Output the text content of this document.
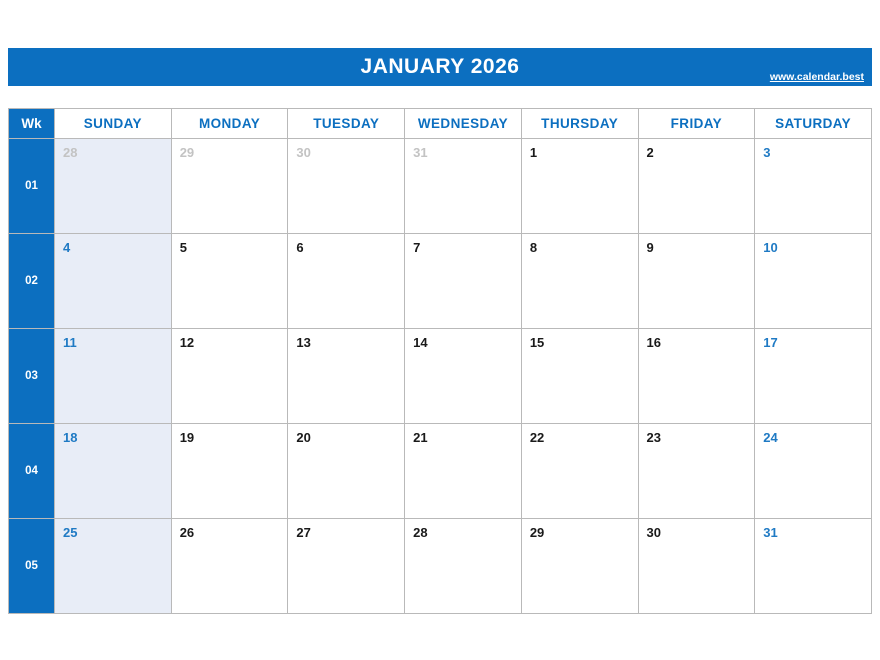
JANUARY 2026	www.calendar.best
Wk	SUNDAY	MONDAY	TUESDAY	WEDNESDAY	THURSDAY	FRIDAY	SATURDAY
01	28	29	30	31	1	2	3

02	4	5	6	7	8	9	10

03	11	12	13	14	15	16	17

04	18	19	20	21	22	23	24

05	25	26	27	28	29	30	31
